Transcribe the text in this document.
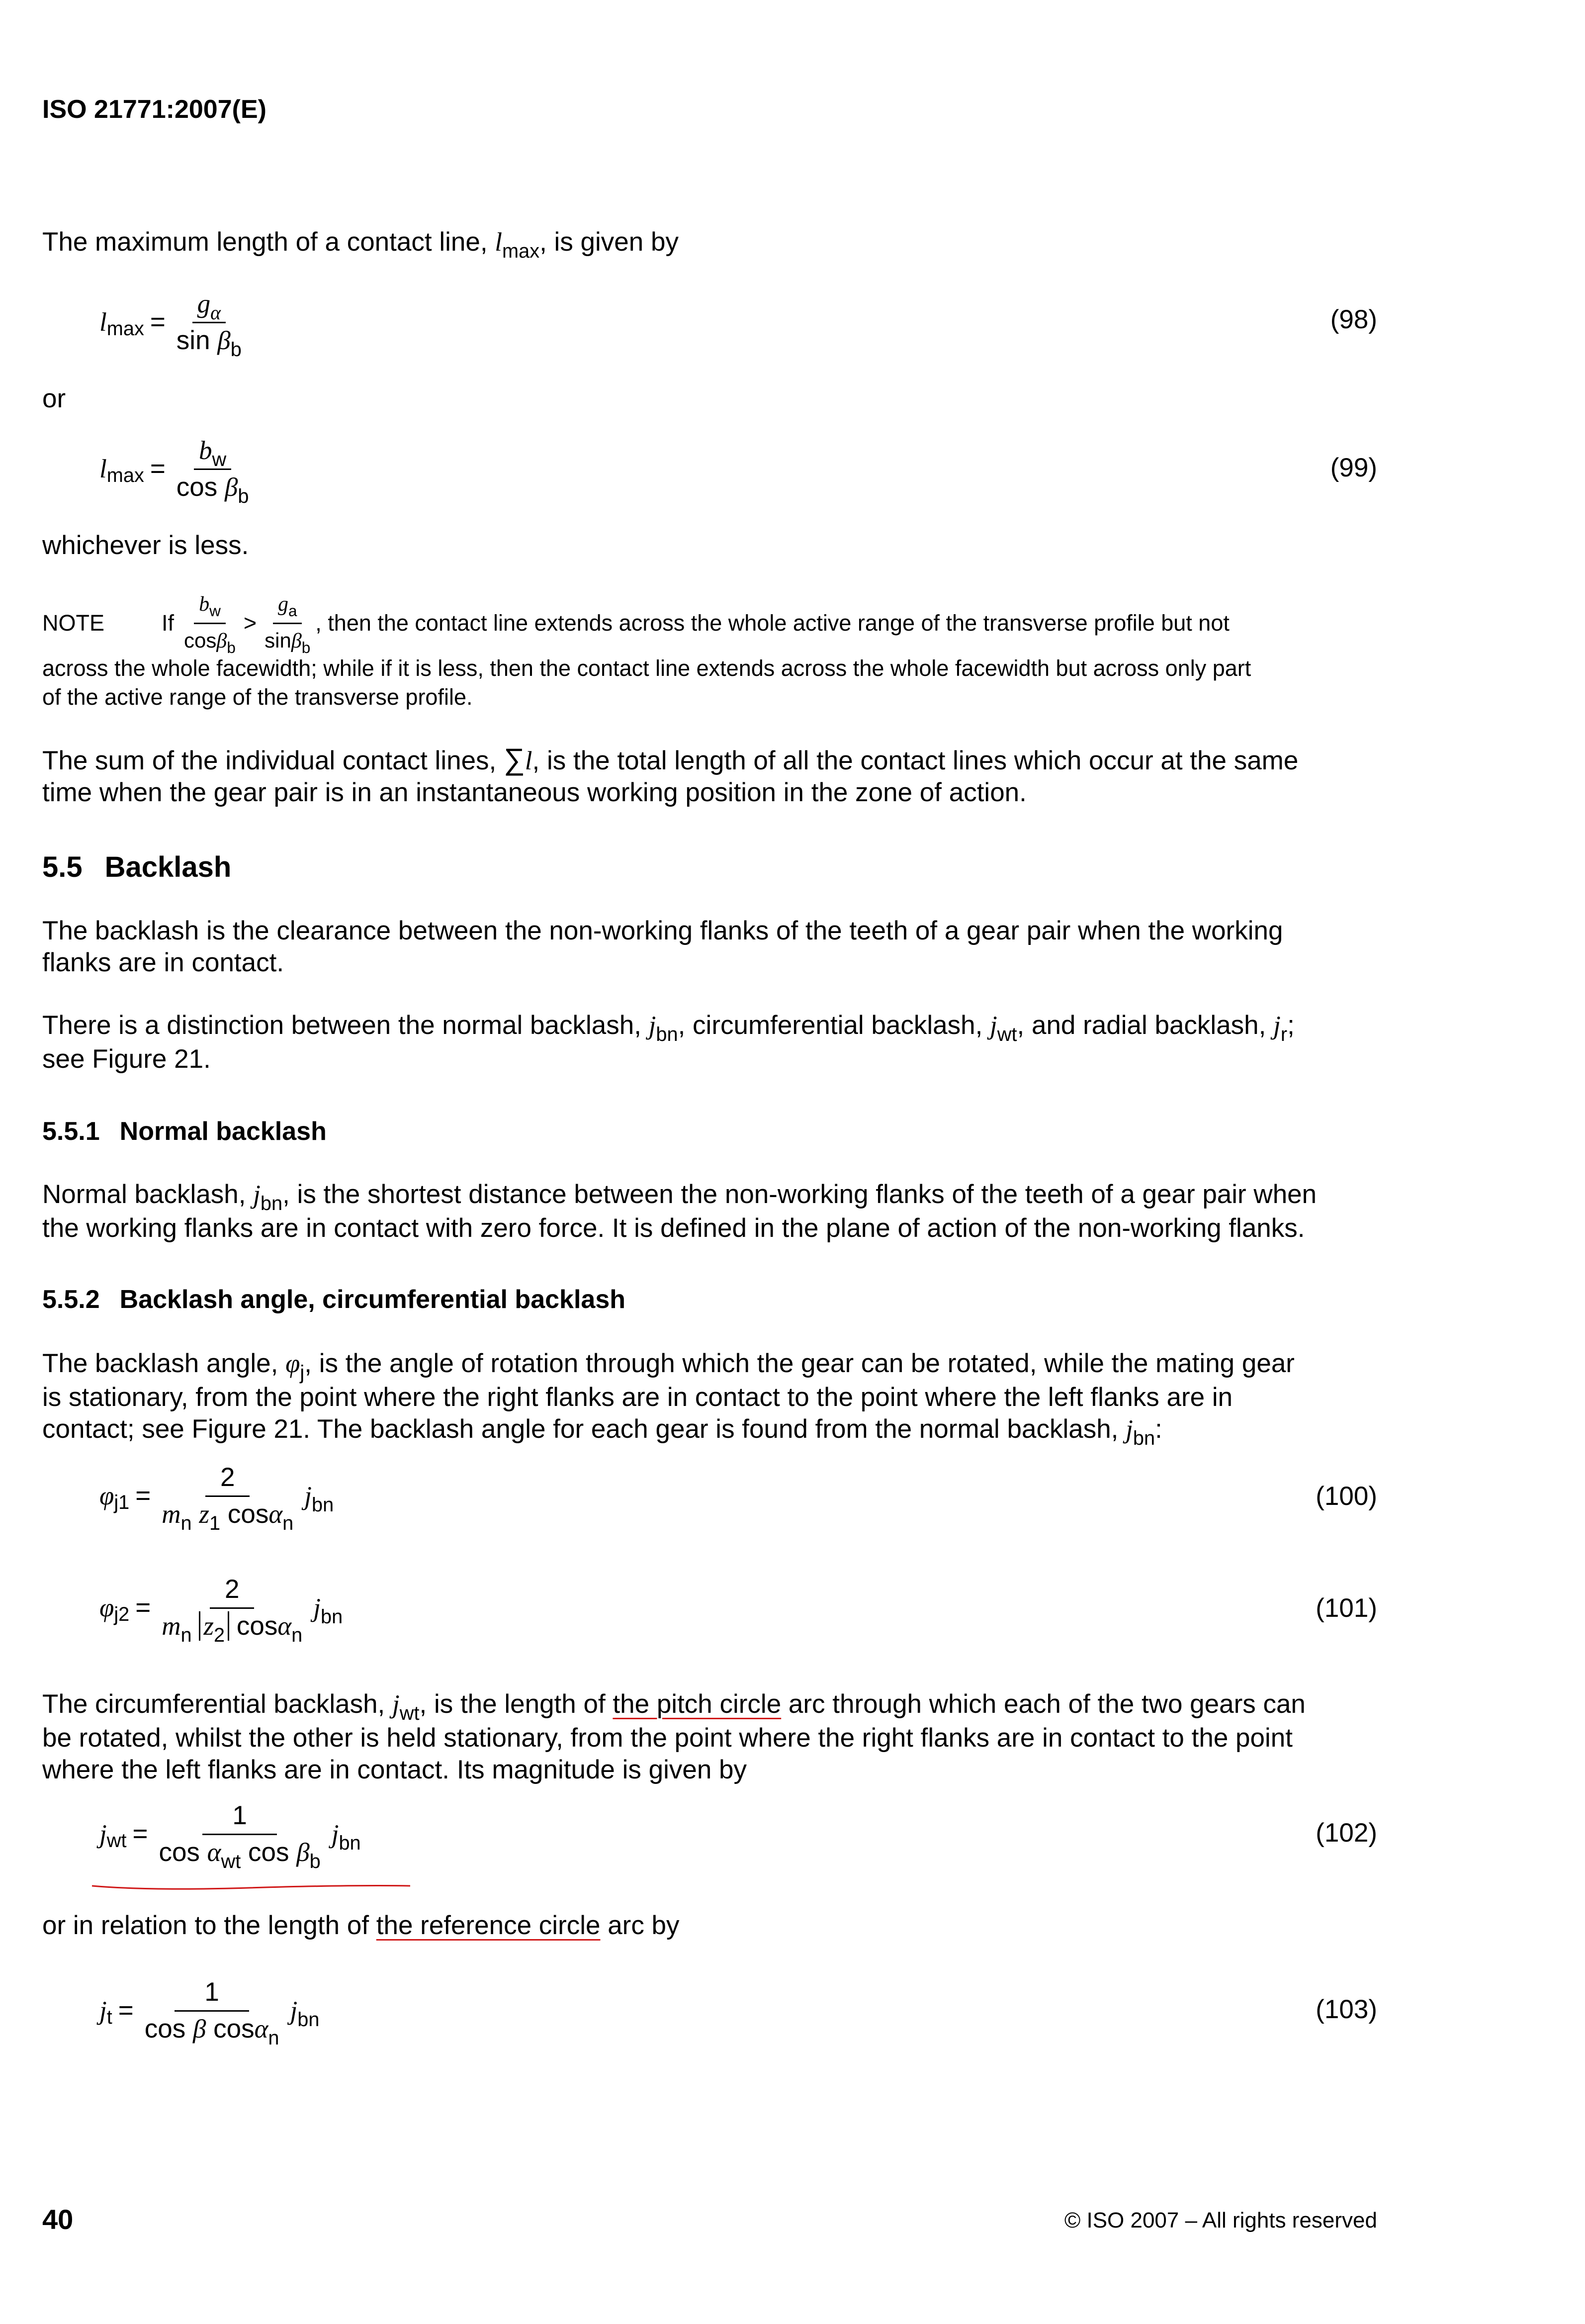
ISO 21771:2007(E)
The maximum length of a contact line, $l_{max}$, is given by
l $\max = \frac{g_\alpha}{\sin \beta_b}$	(98)
or
l $\max = \frac{b_w}{\cos \beta_b}$	(99)
whichever is less.
NOTE	If $\frac{b_w}{\cos\beta_b} > \frac{g_a}{\sin\beta_b}$ , then the contact line extends across the whole active range of the transverse profile but not
across the whole facewidth; while if it is less, then the contact line extends across the whole facewidth but across only part
of the active range of the transverse profile.
The sum of the individual contact lines, ∑l, is the total length of all the contact lines which occur at the same
time when the gear pair is in an instantaneous working position in the zone of action.
5.5 Backlash
The backlash is the clearance between the non-working flanks of the teeth of a gear pair when the working
flanks are in contact.
There is a distinction between the normal backlash, $j_{bn}$, circumferential backlash, $j_{wt}$, and radial backlash, $j_r$;
see Figure 21.
5.5.1 Normal backlash
Normal backlash, $j_{bn}$, is the shortest distance between the non-working flanks of the teeth of a gear pair when
the working flanks are in contact with zero force. It is defined in the plane of action of the non-working flanks.
5.5.2 Backlash angle, circumferential backlash
The backlash angle, $\varphi_j$, is the angle of rotation through which the gear can be rotated, while the mating gear
is stationary, from the point where the right flanks are in contact to the point where the left flanks are in
contact; see Figure 21. The backlash angle for each gear is found from the normal backlash, $j_{bn}$:
φ $j1 = \frac{2}{m_n z_1 \cos\alpha_n} j_{bn}$	(100)
φ $j2 = \frac{2}{m_n z_2 \cos\alpha_n} j_{bn}$	(101)
The circumferential backlash, $j_{wt}$, is the length of the pitch circle arc through which each of the two gears can
be rotated, whilst the other is held stationary, from the point where the right flanks are in contact to the point
where the left flanks are in contact. Its magnitude is given by
j wt = $\frac{1}{\cos \alpha_{wt} \cos \beta_b} j_{bn}$	(102)
or in relation to the length of the reference circle arc by
j $t = \frac{1}{\cos \beta \cos\alpha_n} j_{bn}$	(103)
40	© ISO 2007 – All rights reserved
